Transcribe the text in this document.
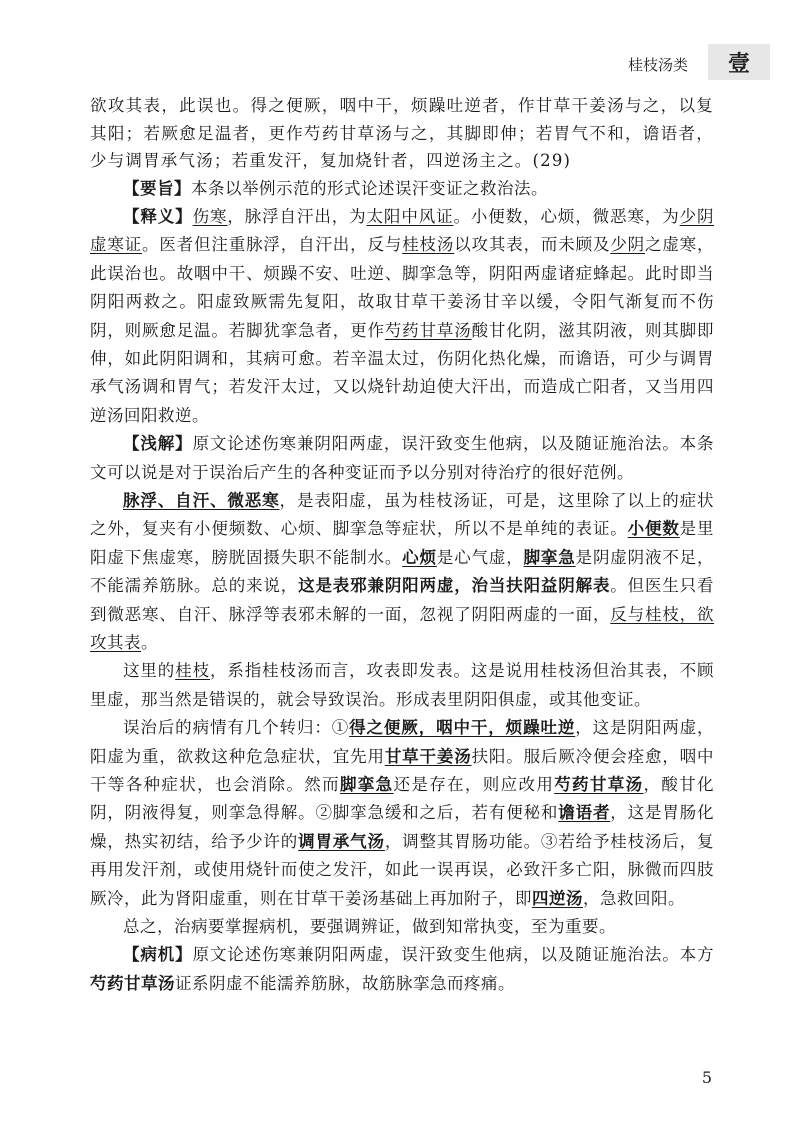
桂枝汤类	壹

欲攻其表，此误也。得之便厥，咽中干，烦躁吐逆者，作甘草干姜汤与之，以复其阳；若厥愈足温者，更作芍药甘草汤与之，其脚即伸；若胃气不和，谵语者，少与调胃承气汤；若重发汗，复加烧针者，四逆汤主之。(29)

【要旨】本条以举例示范的形式论述误汗变证之救治法。

【释义】伤寒，脉浮自汗出，为太阳中风证。小便数，心烦，微恶寒，为少阴虚寒证。医者但注重脉浮，自汗出，反与桂枝汤以攻其表，而未顾及少阴之虚寒，此误治也。故咽中干、烦躁不安、吐逆、脚挛急等，阴阳两虚诸症蜂起。此时即当阴阳两救之。阳虚致厥需先复阳，故取甘草干姜汤甘辛以缓，令阳气渐复而不伤阴，则厥愈足温。若脚犹挛急者，更作芍药甘草汤酸甘化阴，滋其阴液，则其脚即伸，如此阴阳调和，其病可愈。若辛温太过，伤阴化热化燥，而谵语，可少与调胃承气汤调和胃气；若发汗太过，又以烧针劫迫使大汗出，而造成亡阳者，又当用四逆汤回阳救逆。

【浅解】原文论述伤寒兼阴阳两虚，误汗致变生他病，以及随证施治法。本条文可以说是对于误治后产生的各种变证而予以分别对待治疗的很好范例。

脉浮、自汗、微恶寒，是表阳虚，虽为桂枝汤证，可是，这里除了以上的症状之外，复夹有小便频数、心烦、脚挛急等症状，所以不是单纯的表证。小便数是里阳虚下焦虚寒，膀胱固摄失职不能制水。心烦是心气虚，脚挛急是阴虚阴液不足，不能濡养筋脉。总的来说，这是表邪兼阴阳两虚，治当扶阳益阴解表。但医生只看到微恶寒、自汗、脉浮等表邪未解的一面，忽视了阴阳两虚的一面，反与桂枝，欲攻其表。

这里的桂枝，系指桂枝汤而言，攻表即发表。这是说用桂枝汤但治其表，不顾里虚，那当然是错误的，就会导致误治。形成表里阴阳俱虚，或其他变证。

误治后的病情有几个转归：①得之便厥，咽中干，烦躁吐逆，这是阴阳两虚，阳虚为重，欲救这种危急症状，宜先用甘草干姜汤扶阳。服后厥冷便会痊愈，咽中干等各种症状，也会消除。然而脚挛急还是存在，则应改用芍药甘草汤，酸甘化阴，阴液得复，则挛急得解。②脚挛急缓和之后，若有便秘和谵语者，这是胃肠化燥，热实初结，给予少许的调胃承气汤，调整其胃肠功能。③若给予桂枝汤后，复再用发汗剂，或使用烧针而使之发汗，如此一误再误，必致汗多亡阳，脉微而四肢厥冷，此为肾阳虚重，则在甘草干姜汤基础上再加附子，即四逆汤，急救回阳。

总之，治病要掌握病机，要强调辨证，做到知常执变，至为重要。

【病机】原文论述伤寒兼阴阳两虚，误汗致变生他病，以及随证施治法。本方芍药甘草汤证系阴虚不能濡养筋脉，故筋脉挛急而疼痛。

5
